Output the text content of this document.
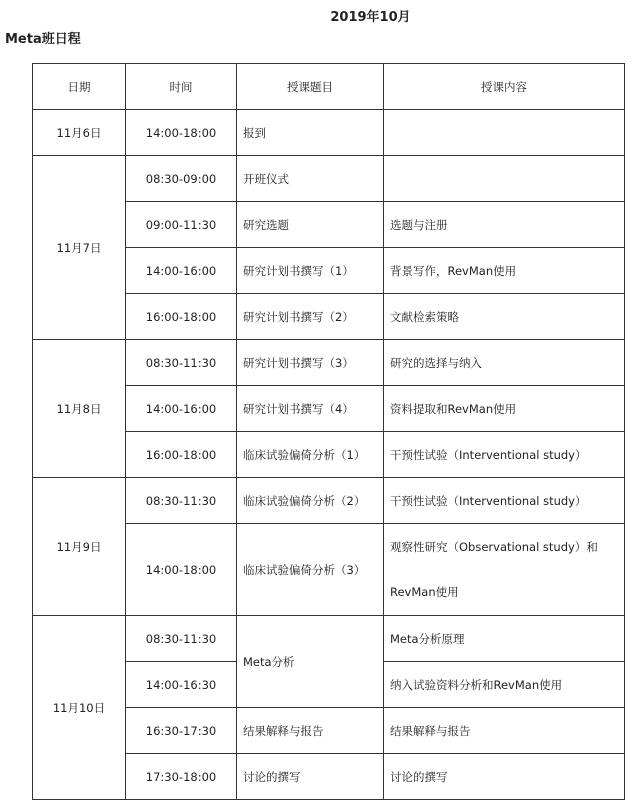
2019年10月
Meta班日程
日期	时间	授课题目	授课内容
11月6日	14:00-18:00	报到	
11月7日	08:30-09:00	开班仪式	
	09:00-11:30	研究选题	选题与注册
	14:00-16:00	研究计划书撰写（1）	背景写作，RevMan使用
	16:00-18:00	研究计划书撰写（2）	文献检索策略
11月8日	08:30-11:30	研究计划书撰写（3）	研究的选择与纳入
	14:00-16:00	研究计划书撰写（4）	资料提取和RevMan使用
	16:00-18:00	临床试验偏倚分析（1）	干预性试验（Interventional study）
11月9日	08:30-11:30	临床试验偏倚分析（2）	干预性试验（Interventional study）
	14:00-18:00	临床试验偏倚分析（3）	观察性研究（Observational study）和
RevMan使用

11月10日	08:30-11:30	Meta分析	Meta分析原理
	14:00-16:30		纳入试验资料分析和RevMan使用
	16:30-17:30	结果解释与报告	结果解释与报告
	17:30-18:00	讨论的撰写	讨论的撰写
